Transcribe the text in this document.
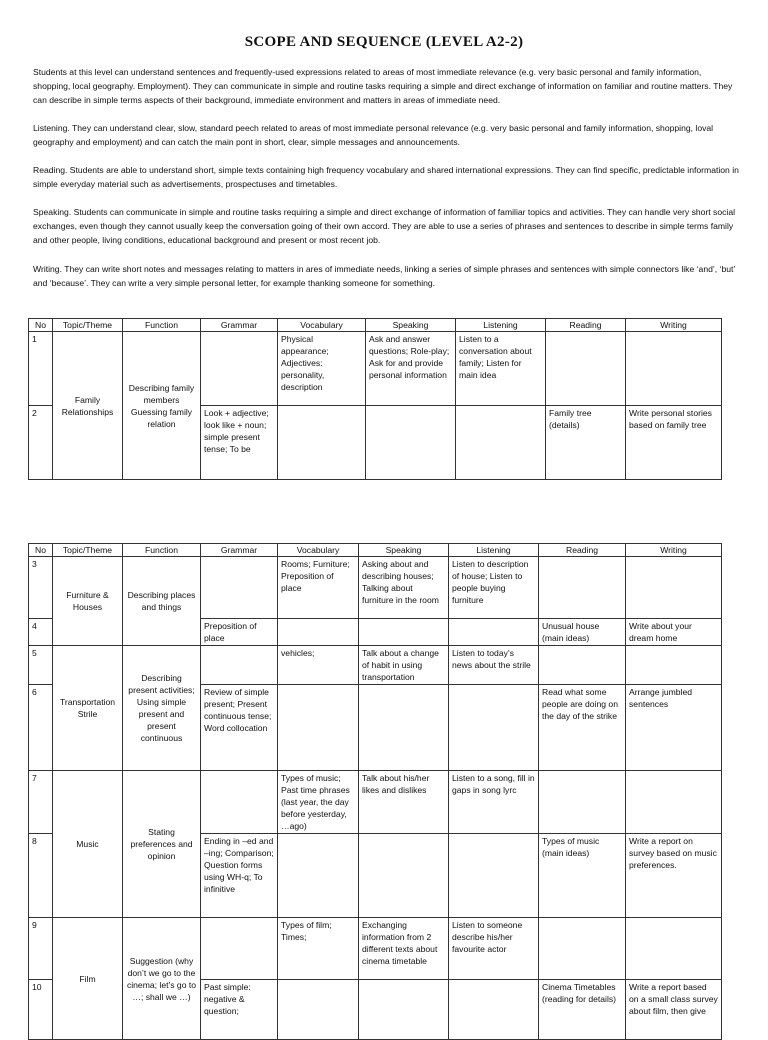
SCOPE AND SEQUENCE (LEVEL A2-2)
Students at this level can understand sentences and frequently-used expressions related to areas of most immediate relevance (e.g. very basic personal and family information, shopping, local geography. Employment). They can communicate in simple and routine tasks requiring a simple and direct exchange of information on familiar and routine matters. They can describe in simple terms aspects of their background, immediate environment and matters in areas of immediate need.
Listening. They can understand clear, slow, standard peech related to areas of most immediate personal relevance (e.g. very basic personal and family information, shopping, loval geography and employment) and can catch the main pont in short, clear, simple messages and announcements.
Reading. Students are able to understand short, simple texts containing high frequency vocabulary and shared international expressions. They can find specific, predictable information in simple everyday material such as advertisements, prospectuses and timetables.
Speaking. Students can communicate in simple and routine tasks requiring a simple and direct exchange of information of familiar topics and activities. They can handle very short social exchanges, even though they cannot usually keep the conversation going of their own accord. They are able to use a series of phrases and sentences to describe in simple terms family and other people, living conditions, educational background and present or most recent job.
Writing. They can write short notes and messages relating to matters in ares of immediate needs, linking a series of simple phrases and sentences with simple connectors like ‘and’, ‘but’ and ‘because’. They can write a very simple personal letter, for example thanking someone for something.
No	Topic/Theme	Function	Grammar	Vocabulary	Speaking	Listening	Reading	Writing
1	Family Relationships	Describing family members Guessing family relation		Physical appearance; Adjectives: personality, description	Ask and answer questions; Role-play; Ask for and provide personal information	Listen to a conversation about family; Listen for main idea		
2			Look + adjective; look like + noun; simple present tense; To be				Family tree (details)	Write personal stories based on family tree
No	Topic/Theme	Function	Grammar	Vocabulary	Speaking	Listening	Reading	Writing
3	Furniture & Houses	Describing places and things		Rooms; Furniture; Preposition of place	Asking about and describing houses; Talking about furniture in the room	Listen to description of house; Listen to people buying furniture		
4			Preposition of place				Unusual house (main ideas)	Write about your dream home
5	Transportation Strile	Describing present activities; Using simple present and present continuous		vehicles;	Talk about a change of habit in using transportation	Listen to today’s news about the strile		
6			Review of simple present; Present continuous tense; Word collocation				Read what some people are doing on the day of the strike	Arrange jumbled sentences
7	Music	Stating preferences and opinion		Types of music; Past time phrases (last year, the day before yesterday, …ago)	Talk about his/her likes and dislikes	Listen to a song, fill in gaps in song lyrc		
8			Ending in –ed and –ing; Comparison; Question forms using WH-q; To infinitive				Types of music (main ideas)	Write a report on survey based on music preferences.
9	Film	Suggestion (why don’t we go to the cinema; let’s go to …; shall we …)		Types of film; Times;	Exchanging information from 2 different texts about cinema timetable	Listen to someone describe his/her favourite actor		
10			Past simple: negative & question;				Cinema Timetables (reading for details)	Write a report based on a small class survey about film, then give
